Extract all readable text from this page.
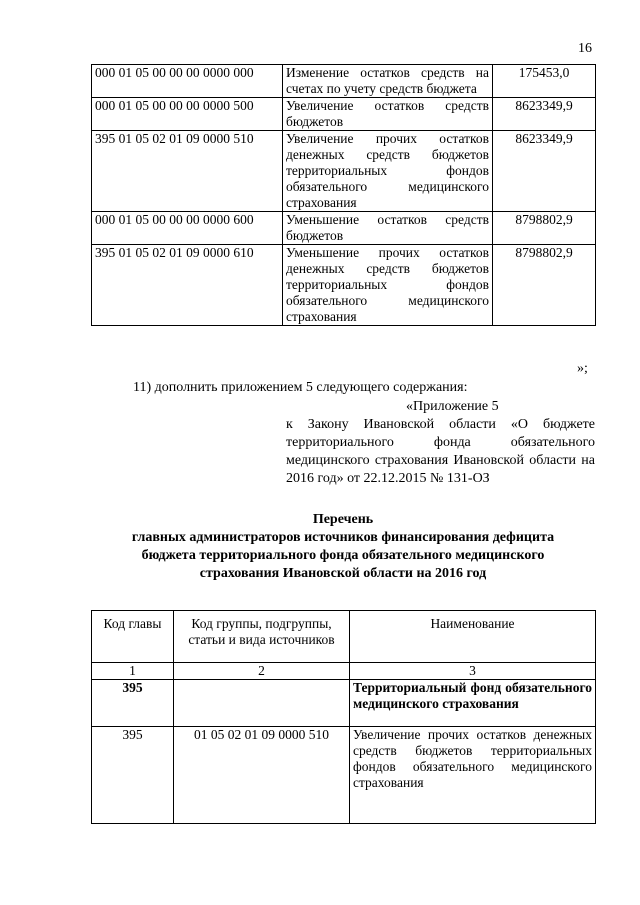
16
000 01 05 00 00 00 0000 000	Изменение остатков средств на счетах по учету средств бюджета	175453,0
000 01 05 00 00 00 0000 500	Увеличение остатков средств бюджетов	8623349,9
395 01 05 02 01 09 0000 510	Увеличение прочих остатков денежных средств бюджетов территориальных фондов обязательного медицинского страхования	8623349,9
000 01 05 00 00 00 0000 600	Уменьшение остатков средств бюджетов	8798802,9
395 01 05 02 01 09 0000 610	Уменьшение прочих остатков денежных средств бюджетов территориальных фондов обязательного медицинского страхования	8798802,9
»;
11) дополнить приложением 5 следующего содержания:
«Приложение 5
к Закону Ивановской области «О бюджете территориального фонда обязательного медицинского страхования Ивановской области на 2016 год» от 22.12.2015 № 131-ОЗ
Перечень
главных администраторов источников финансирования дефицита бюджета территориального фонда обязательного медицинского страхования Ивановской области на 2016 год
Код главы	Код группы, подгруппы, статьи и вида источников	Наименование
1	2	3
395		Территориальный фонд обязательного медицинского страхования
395	01 05 02 01 09 0000 510	Увеличение прочих остатков денежных средств бюджетов территориальных фондов обязательного медицинского страхования
